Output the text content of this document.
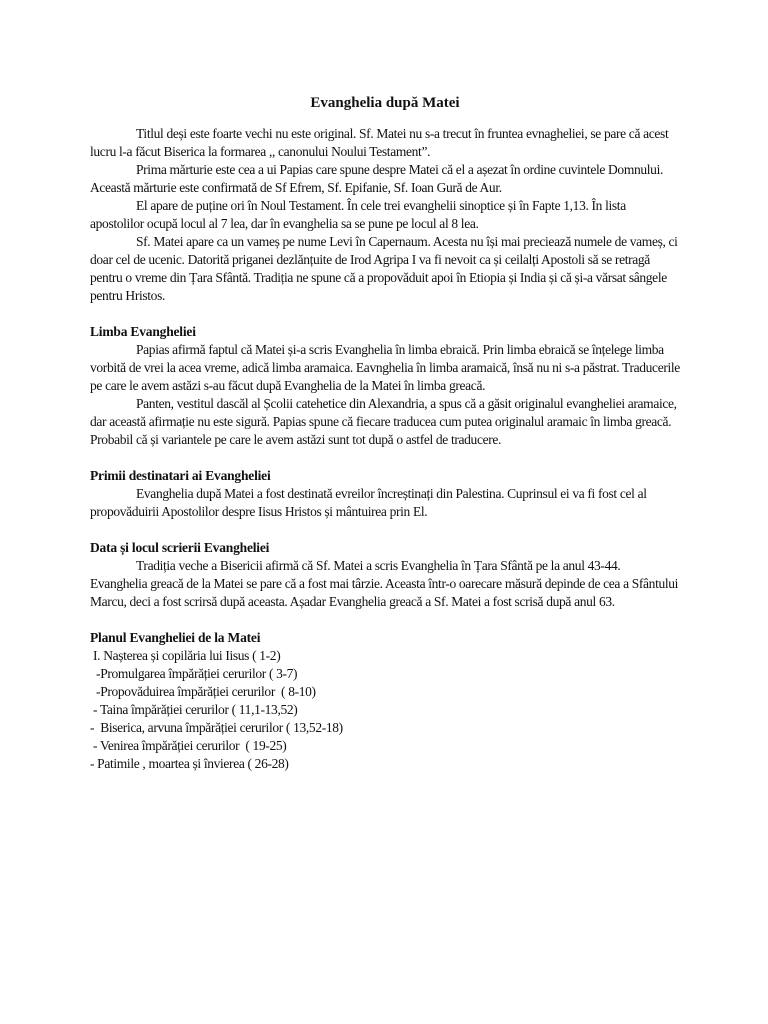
Evanghelia după Matei

Titlul deși este foarte vechi nu este original. Sf. Matei nu s-a trecut în fruntea evnagheliei, se pare că acest lucru l-a făcut Biserica la formarea ,, canonului Noului Testament”.

Prima mărturie este cea a ui Papias care spune despre Matei că el a așezat în ordine cuvintele Domnului. Această mărturie este confirmată de Sf Efrem, Sf. Epifanie, Sf. Ioan Gură de Aur.

El apare de puține ori în Noul Testament. În cele trei evanghelii sinoptice și în Fapte 1,13. În lista apostolilor ocupă locul al 7 lea, dar în evanghelia sa se pune pe locul al 8 lea.

Sf. Matei apare ca un vameș pe nume Levi în Capernaum. Acesta nu își mai preciează numele de vameș, ci doar cel de ucenic. Datorită priganei dezlănțuite de Irod Agripa I va fi nevoit ca și ceilalți Apostoli să se retragă pentru o vreme din Țara Sfântă. Tradiția ne spune că a propovăduit apoi în Etiopia și India și că și-a vărsat sângele pentru Hristos.

Limba Evangheliei

Papias afirmă faptul că Matei și-a scris Evanghelia în limba ebraică. Prin limba ebraică se înțelege limba vorbită de vrei la acea vreme, adică limba aramaica. Eavnghelia în limba aramaică, însă nu ni s-a păstrat. Traducerile pe care le avem astăzi s-au făcut după Evanghelia de la Matei în limba greacă.

Panten, vestitul dascăl al Școlii catehetice din Alexandria, a spus că a găsit originalul evangheliei aramaice, dar această afirmație nu este sigură. Papias spune că fiecare traducea cum putea originalul aramaic în limba greacă. Probabil că și variantele pe care le avem astăzi sunt tot după o astfel de traducere.

Primii destinatari ai Evangheliei

Evanghelia după Matei a fost destinată evreilor încreștinați din Palestina. Cuprinsul ei va fi fost cel al propovăduirii Apostolilor despre Iisus Hristos și mântuirea prin El.

Data și locul scrierii Evangheliei

Tradiția veche a Bisericii afirmă că Sf. Matei a scris Evanghelia în Țara Sfântă pe la anul 43-44. Evanghelia greacă de la Matei se pare că a fost mai târzie. Aceasta într-o oarecare măsură depinde de cea a Sfântului Marcu, deci a fost scrirsă după aceasta. Așadar Evanghelia greacă a Sf. Matei a fost scrisă după anul 63.

Planul Evangheliei de la Matei
I. Nașterea și copilăria lui Iisus ( 1-2)
-Promulgarea împărăției cerurilor ( 3-7)
-Propovăduirea împărăției cerurilor  ( 8-10)
- Taina împărăției cerurilor ( 11,1-13,52)
-  Biserica, arvuna împărăției cerurilor ( 13,52-18)
- Venirea împărăției cerurilor  ( 19-25)
- Patimile , moartea și învierea ( 26-28)
